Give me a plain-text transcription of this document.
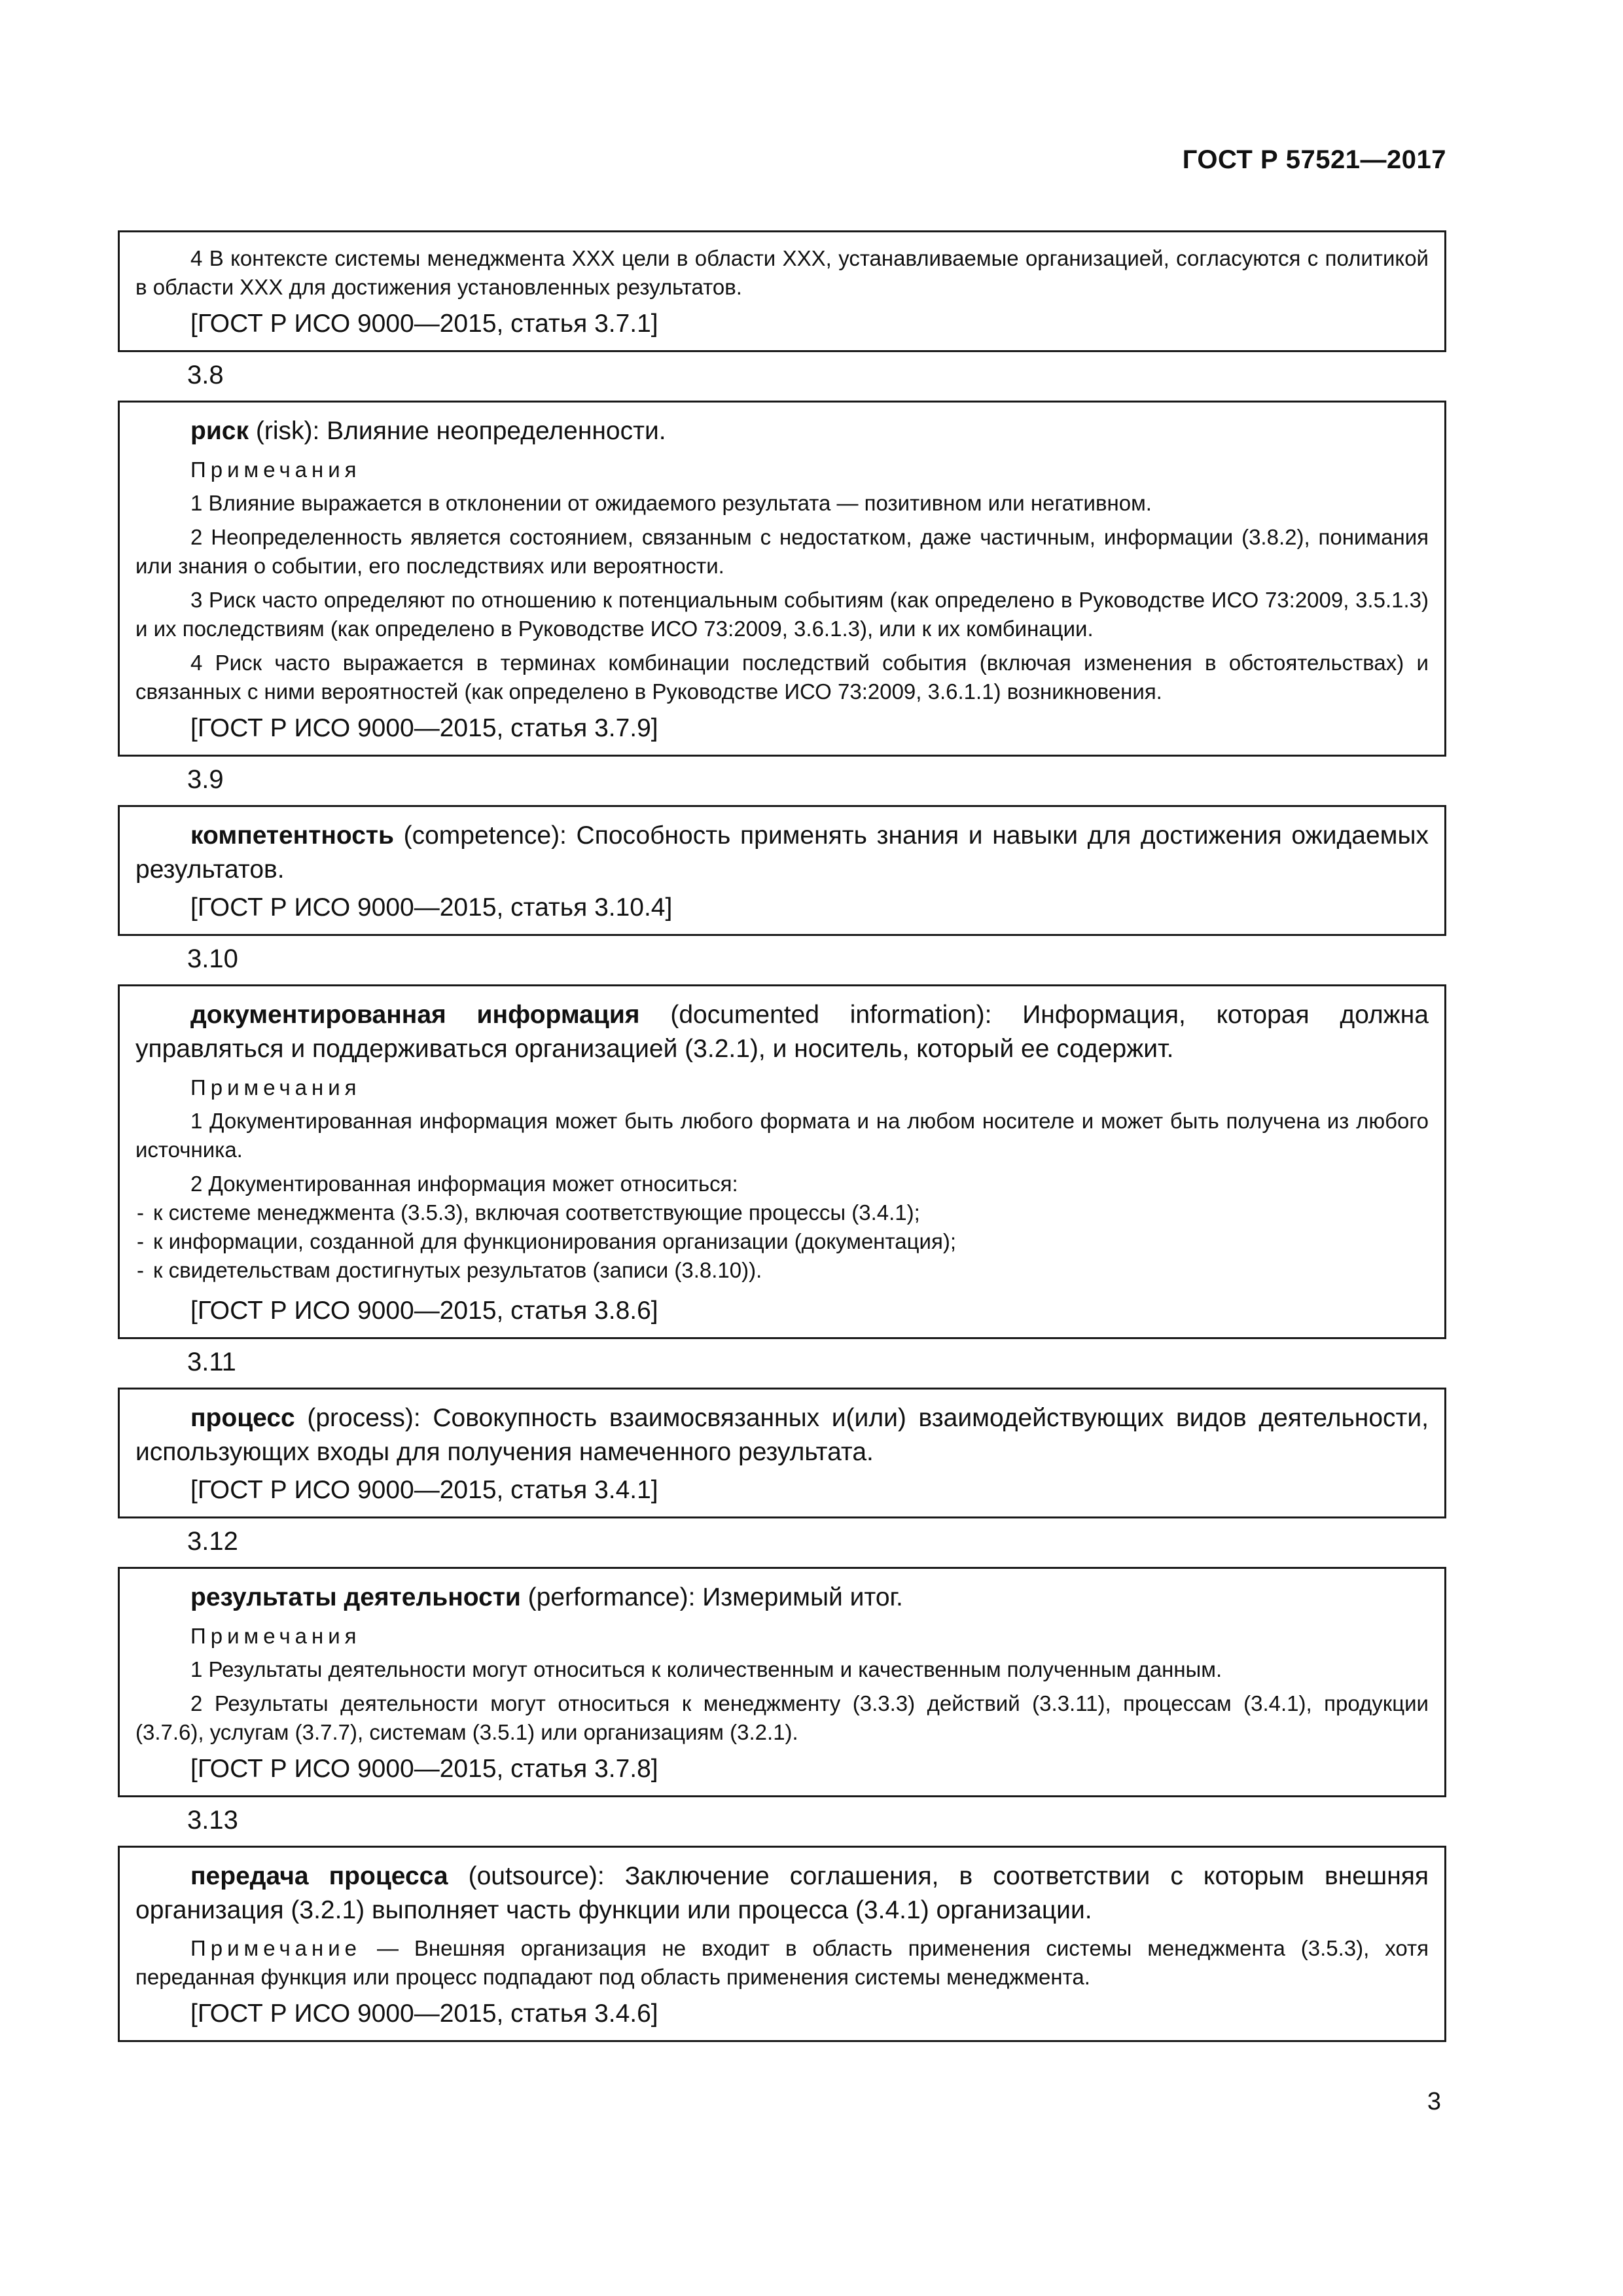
ГОСТ Р 57521—2017

4 В контексте системы менеджмента XXX цели в области XXX, устанавливаемые организацией, согласуются с политикой в области XXX для достижения установленных результатов.

[ГОСТ Р ИСО 9000—2015, статья 3.7.1]

3.8

риск (risk): Влияние неопределенности.

Примечания

1 Влияние выражается в отклонении от ожидаемого результата — позитивном или негативном.

2 Неопределенность является состоянием, связанным с недостатком, даже частичным, информации (3.8.2), понимания или знания о событии, его последствиях или вероятности.

3 Риск часто определяют по отношению к потенциальным событиям (как определено в Руководстве ИСО 73:2009, 3.5.1.3) и их последствиям (как определено в Руководстве ИСО 73:2009, 3.6.1.3), или к их комбинации.

4 Риск часто выражается в терминах комбинации последствий события (включая изменения в обстоятельствах) и связанных с ними вероятностей (как определено в Руководстве ИСО 73:2009, 3.6.1.1) возникновения.

[ГОСТ Р ИСО 9000—2015, статья 3.7.9]

3.9

компетентность (competence): Способность применять знания и навыки для достижения ожидаемых результатов.

[ГОСТ Р ИСО 9000—2015, статья 3.10.4]

3.10

документированная информация (documented information): Информация, которая должна управляться и поддерживаться организацией (3.2.1), и носитель, который ее содержит.

Примечания

1 Документированная информация может быть любого формата и на любом носителе и может быть получена из любого источника.

2 Документированная информация может относиться:

- к системе менеджмента (3.5.3), включая соответствующие процессы (3.4.1);

- к информации, созданной для функционирования организации (документация);

- к свидетельствам достигнутых результатов (записи (3.8.10)).

[ГОСТ Р ИСО 9000—2015, статья 3.8.6]

3.11

процесс (process): Совокупность взаимосвязанных и(или) взаимодействующих видов деятельности, использующих входы для получения намеченного результата.

[ГОСТ Р ИСО 9000—2015, статья 3.4.1]

3.12

результаты деятельности (performance): Измеримый итог.

Примечания

1 Результаты деятельности могут относиться к количественным и качественным полученным данным.

2 Результаты деятельности могут относиться к менеджменту (3.3.3) действий (3.3.11), процессам (3.4.1), продукции (3.7.6), услугам (3.7.7), системам (3.5.1) или организациям (3.2.1).

[ГОСТ Р ИСО 9000—2015, статья 3.7.8]

3.13

передача процесса (outsource): Заключение соглашения, в соответствии с которым внешняя организация (3.2.1) выполняет часть функции или процесса (3.4.1) организации.

Примечание — Внешняя организация не входит в область применения системы менеджмента (3.5.3), хотя переданная функция или процесс подпадают под область применения системы менеджмента.

[ГОСТ Р ИСО 9000—2015, статья 3.4.6]

3
